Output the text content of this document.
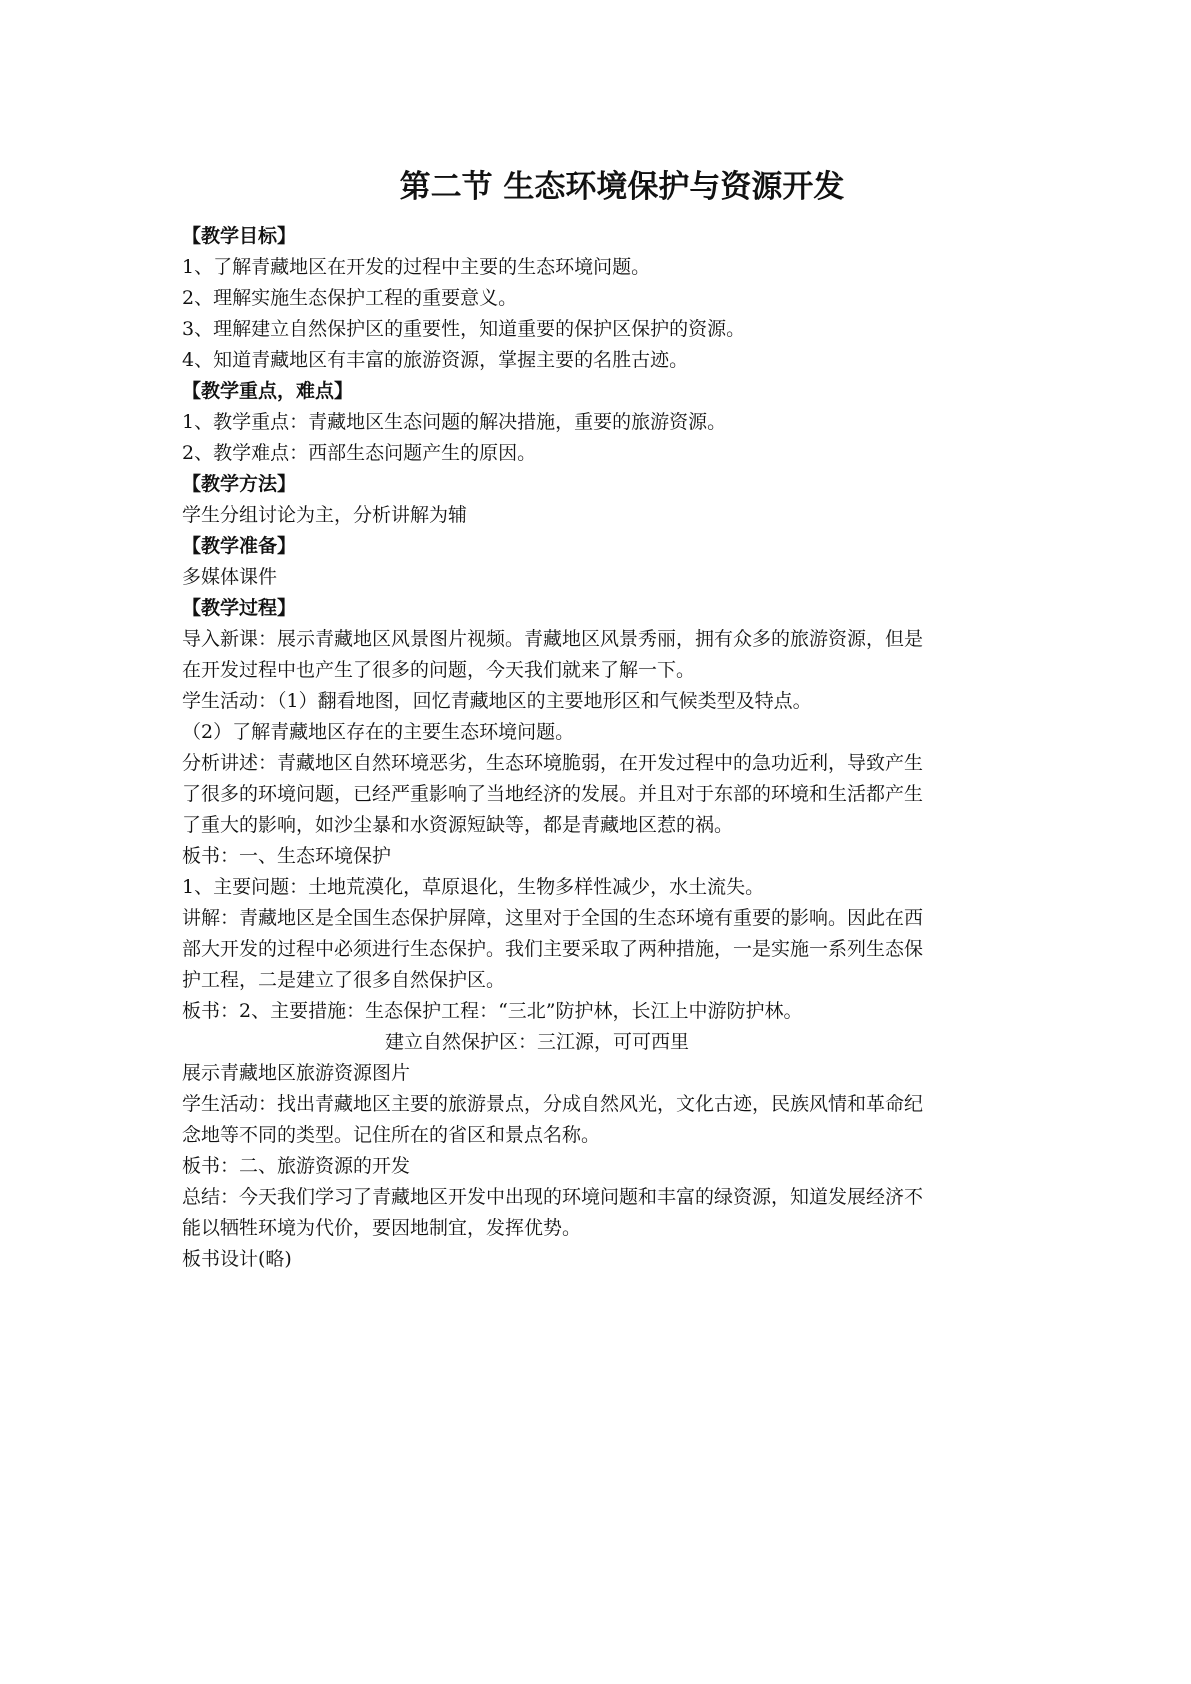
第二节 生态环境保护与资源开发
【教学目标】
1、了解青藏地区在开发的过程中主要的生态环境问题。
2、理解实施生态保护工程的重要意义。
3、理解建立自然保护区的重要性，知道重要的保护区保护的资源。
4、知道青藏地区有丰富的旅游资源，掌握主要的名胜古迹。
【教学重点，难点】
1、教学重点：青藏地区生态问题的解决措施，重要的旅游资源。
2、教学难点：西部生态问题产生的原因。
【教学方法】
学生分组讨论为主，分析讲解为辅
【教学准备】
多媒体课件
【教学过程】
导入新课：展示青藏地区风景图片视频。青藏地区风景秀丽，拥有众多的旅游资源，但是
在开发过程中也产生了很多的问题，今天我们就来了解一下。
学生活动：（1）翻看地图，回忆青藏地区的主要地形区和气候类型及特点。
（2）了解青藏地区存在的主要生态环境问题。
分析讲述：青藏地区自然环境恶劣，生态环境脆弱，在开发过程中的急功近利，导致产生
了很多的环境问题，已经严重影响了当地经济的发展。并且对于东部的环境和生活都产生
了重大的影响，如沙尘暴和水资源短缺等，都是青藏地区惹的祸。
板书：一、生态环境保护
1、主要问题：土地荒漠化，草原退化，生物多样性减少，水土流失。
讲解：青藏地区是全国生态保护屏障，这里对于全国的生态环境有重要的影响。因此在西
部大开发的过程中必须进行生态保护。我们主要采取了两种措施，一是实施一系列生态保
护工程，二是建立了很多自然保护区。
板书：2、主要措施：生态保护工程：“三北”防护林，长江上中游防护林。
建立自然保护区：三江源，可可西里
展示青藏地区旅游资源图片
学生活动：找出青藏地区主要的旅游景点，分成自然风光，文化古迹，民族风情和革命纪
念地等不同的类型。记住所在的省区和景点名称。
板书：二、旅游资源的开发
总结：今天我们学习了青藏地区开发中出现的环境问题和丰富的绿资源，知道发展经济不
能以牺牲环境为代价，要因地制宜，发挥优势。
板书设计(略)
